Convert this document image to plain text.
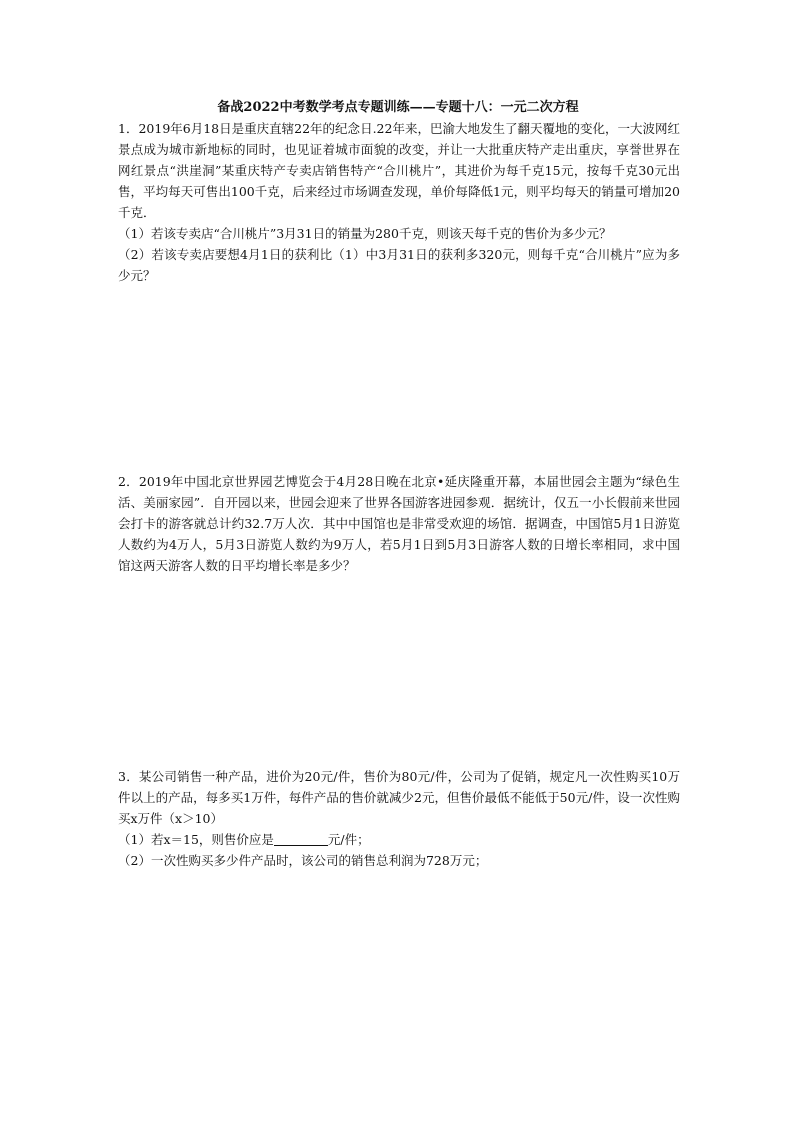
备战2022中考数学考点专题训练——专题十八：一元二次方程

1．2019年6月18日是重庆直辖22年的纪念日.22年来，巴渝大地发生了翻天覆地的变化，一大波网红景点成为城市新地标的同时，也见证着城市面貌的改变，并让一大批重庆特产走出重庆，享誉世界在网红景点“洪崖洞”某重庆特产专卖店销售特产“合川桃片”，其进价为每千克15元，按每千克30元出售，平均每天可售出100千克，后来经过市场调查发现，单价每降低1元，则平均每天的销量可增加20千克．

（1）若该专卖店“合川桃片”3月31日的销量为280千克，则该天每千克的售价为多少元？

（2）若该专卖店要想4月1日的获利比（1）中3月31日的获利多320元，则每千克“合川桃片”应为多少元？

2．2019年中国北京世界园艺博览会于4月28日晚在北京•延庆隆重开幕，本届世园会主题为“绿色生活、美丽家园”．自开园以来，世园会迎来了世界各国游客进园参观．据统计，仅五一小长假前来世园会打卡的游客就总计约32.7万人次．其中中国馆也是非常受欢迎的场馆．据调查，中国馆5月1日游览人数约为4万人，5月3日游览人数约为9万人，若5月1日到5月3日游客人数的日增长率相同，求中国馆这两天游客人数的日平均增长率是多少？

3．某公司销售一种产品，进价为20元/件，售价为80元/件，公司为了促销，规定凡一次性购买10万件以上的产品，每多买1万件，每件产品的售价就减少2元，但售价最低不能低于50元/件，设一次性购买x万件（x＞10）

（1）若x＝15，则售价应是	元/件；

（2）一次性购买多少件产品时，该公司的销售总利润为728万元；
